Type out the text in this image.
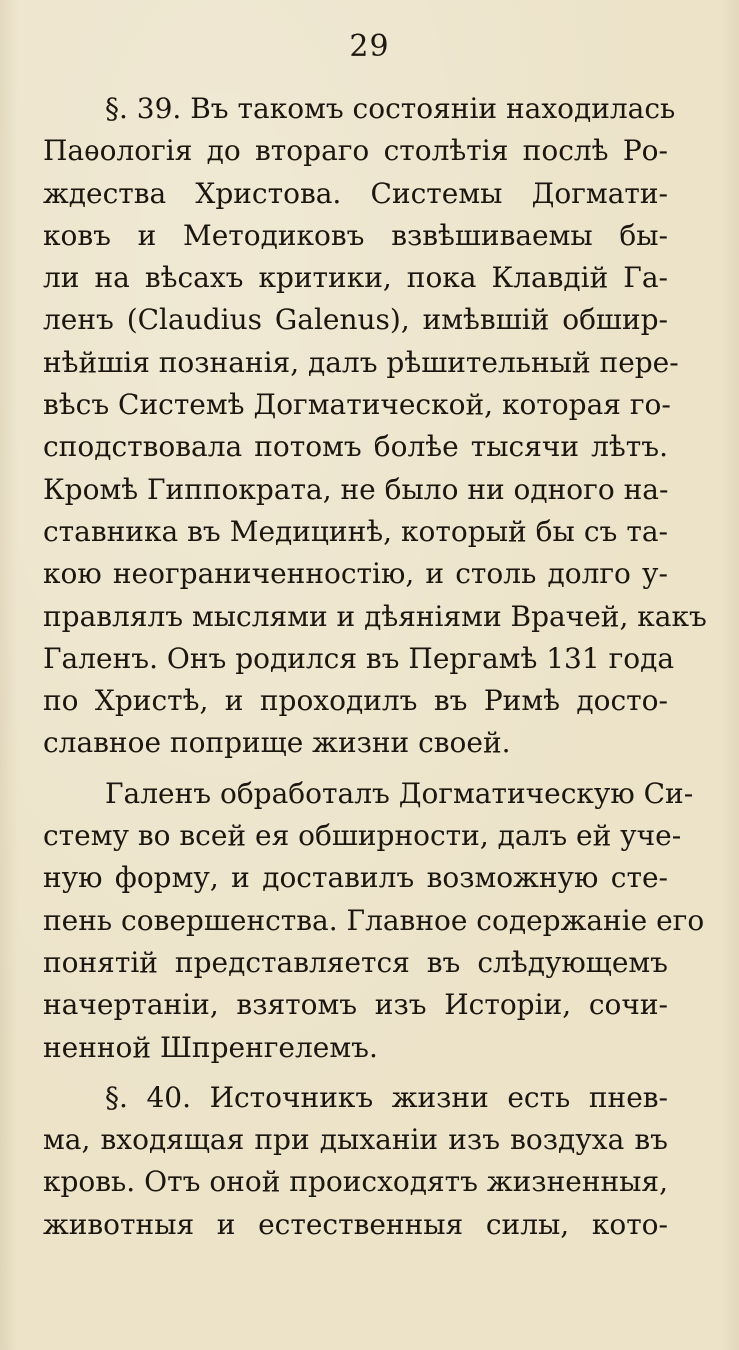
29
§. 39. Въ такомъ состояніи находилась
Паѳологія до втораго столѣтія послѣ Ро-
ждества Христова. Системы Догмати-
ковъ и Методиковъ взвѣшиваемы бы-
ли на вѣсахъ критики, пока Клавдій Га-
ленъ (Claudius Galenus), имѣвшій обшир-
нѣйшія познанія, далъ рѣшительный пере-
вѣсъ Системѣ Догматической, которая го-
сподствовала потомъ болѣе тысячи лѣтъ.
Кромѣ Гиппократа, не было ни одного на-
ставника въ Медицинѣ, который бы съ та-
кою неограниченностію, и столь долго у-
правлялъ мыслями и дѣяніями Врачей, какъ
Галенъ. Онъ родился въ Пергамѣ 131 года
по Христѣ, и проходилъ въ Римѣ достo-
славное поприще жизни своей.
Галенъ обработалъ Догматическую Си-
стему во всей ея обширности, далъ ей уче-
ную форму, и доставилъ возможную сте-
пень совершенства. Главное содержаніе его
понятій представляется въ слѣдующемъ
начертаніи, взятомъ изъ Исторіи, сочи-
ненной Шпренгелемъ.
§. 40. Источникъ жизни есть пнев-
ма, входящая при дыханіи изъ воздуха въ
кровь. Отъ оной происходятъ жизненныя,
животныя и естественныя силы, кото-
